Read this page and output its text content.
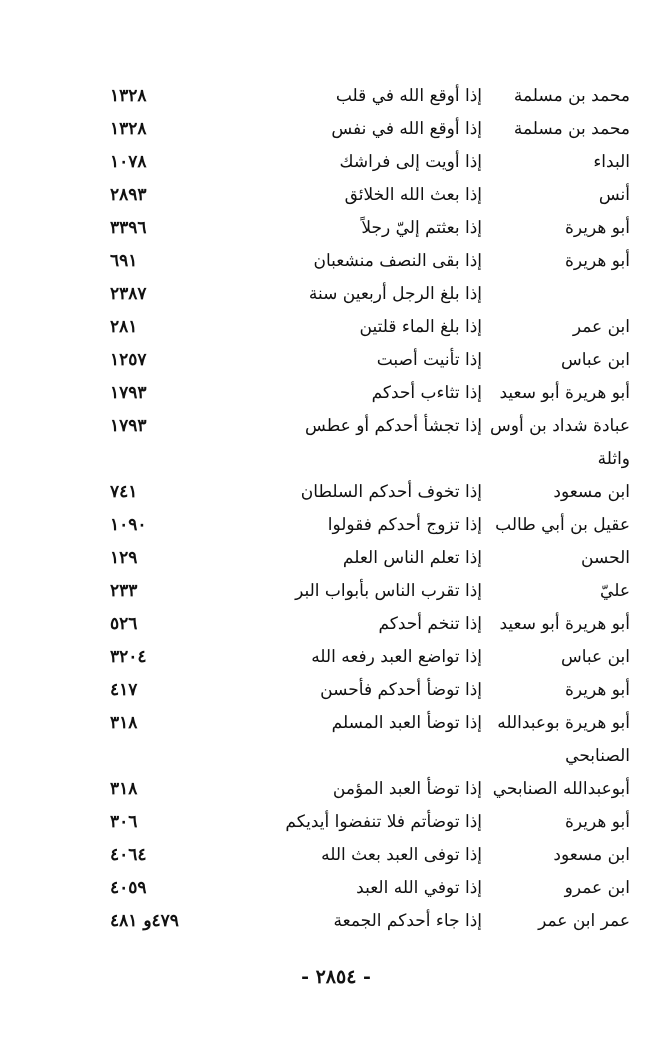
محمد بن مسلمة
إذا أوقع الله في قلب
١٣٢٨
محمد بن مسلمة
إذا أوقع الله في نفس
١٣٢٨
البداء
إذا أويت إلى فراشك
١٠٧٨
أنس
إذا بعث الله الخلائق
٢٨٩٣
أبو هريرة
إذا بعثتم إليّ رجلاً
٣٣٩٦
أبو هريرة
إذا بقى النصف منشعبان
٦٩١
إذا بلغ الرجل أربعين سنة
٢٣٨٧
ابن عمر
إذا بلغ الماء قلتين
٢٨١
ابن عباس
إذا تأنيت أصبت
١٢٥٧
أبو هريرة أبو سعيد
إذا تثاءب أحدكم
١٧٩٣
عبادة شداد بن أوس واثلة
إذا تجشأ أحدكم أو عطس
١٧٩٣
ابن مسعود
إذا تخوف أحدكم السلطان
٧٤١
عقيل بن أبي طالب
إذا تزوج أحدكم فقولوا
١٠٩٠
الحسن
إذا تعلم الناس العلم
١٢٩
عليّ
إذا تقرب الناس بأبواب البر
٢٣٣
أبو هريرة أبو سعيد
إذا تنخم أحدكم
٥٢٦
ابن عباس
إذا تواضع العبد رفعه الله
٣٢٠٤
أبو هريرة
إذا توضأ أحدكم فأحسن
٤١٧
أبو هريرة بوعبدالله الصنابحي
إذا توضأ العبد المسلم
٣١٨
أبوعبدالله الصنابحي
إذا توضأ العبد المؤمن
٣١٨
أبو هريرة
إذا توضأتم فلا تنفضوا أيديكم
٣٠٦
ابن مسعود
إذا توفى العبد بعث الله
٤٠٦٤
ابن عمرو
إذا توفي الله العبد
٤٠٥٩
عمر ابن عمر
إذا جاء أحدكم الجمعة
٤٧٩و ٤٨١
- ٢٨٥٤ -
